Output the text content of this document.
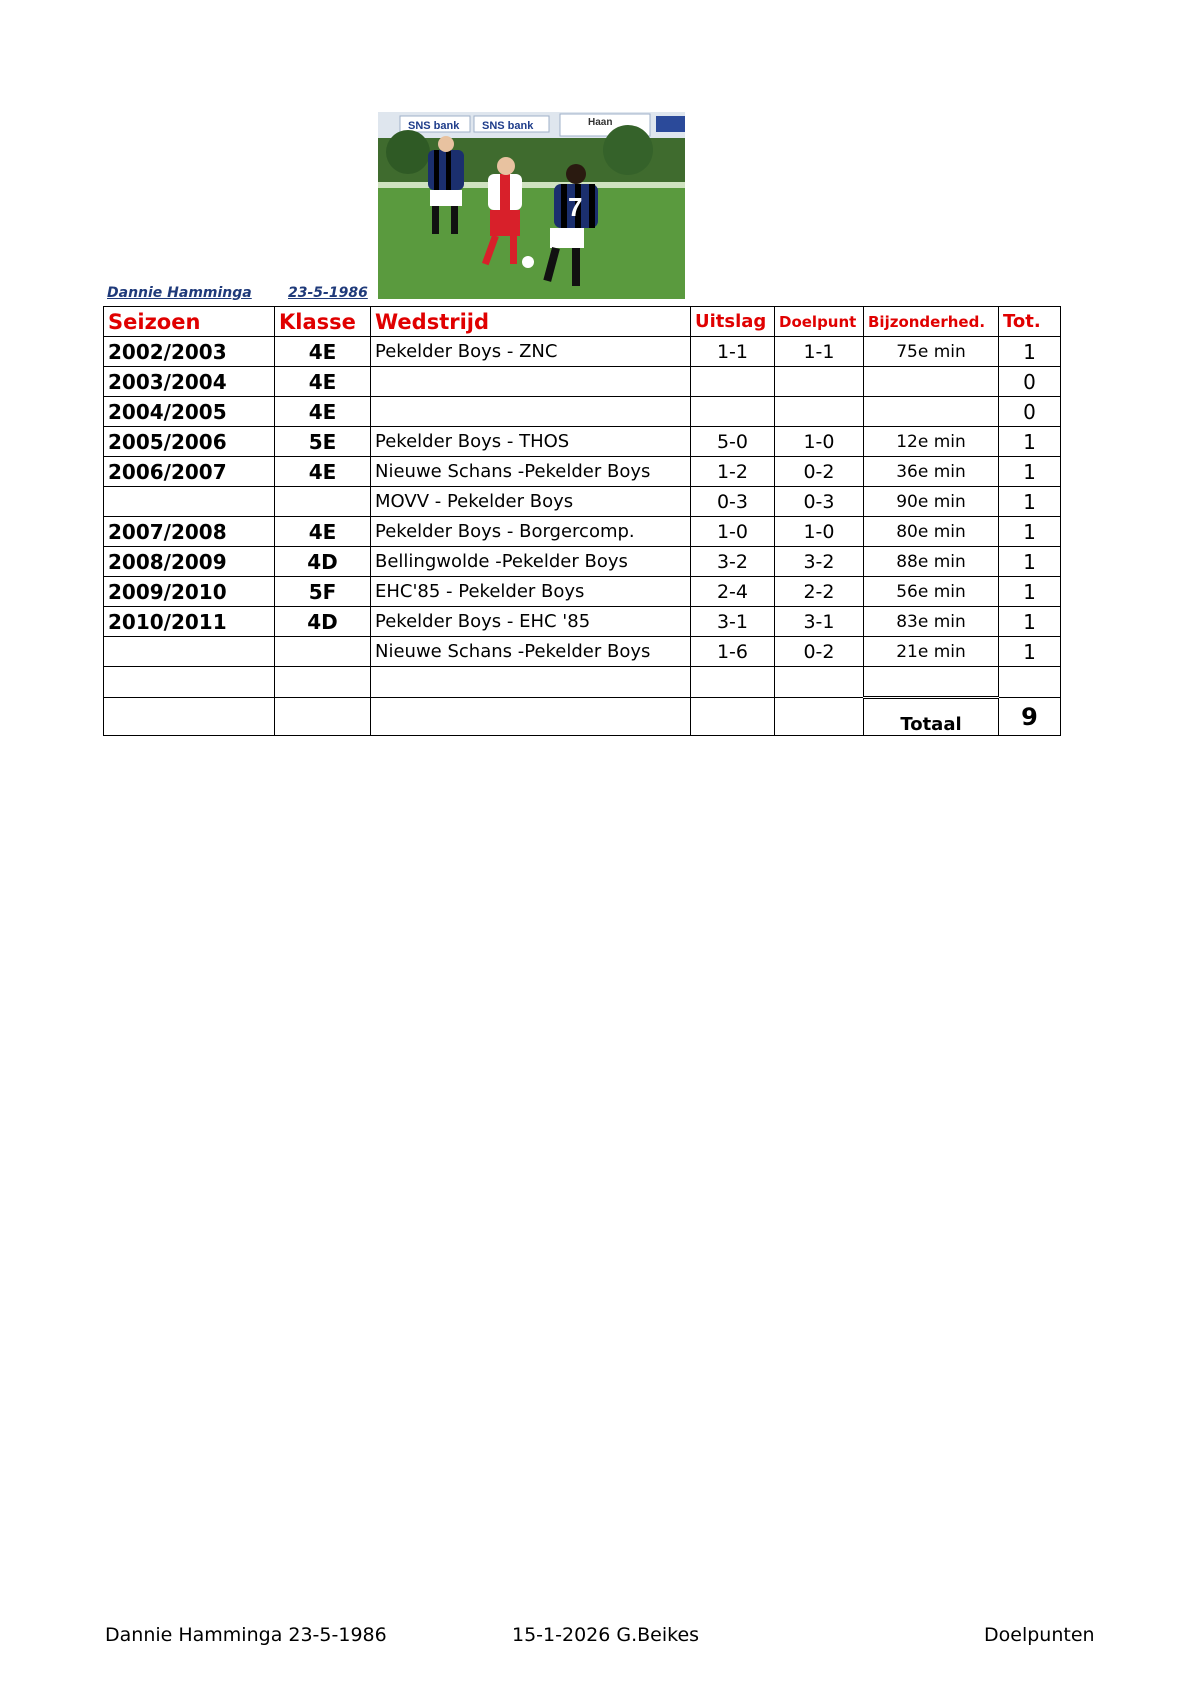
SNS bank SNS bank	Haan
7
Dannie Hamminga	23-5-1986
Seizoen	Klasse	Wedstrijd	Uitslag	Doelpunt	Bijzonderhed.	Tot.
2002/2003	4E	Pekelder Boys - ZNC	1-1	1-1	75e min	1
2003/2004	4E					0
2004/2005	4E					0
2005/2006	5E	Pekelder Boys - THOS	5-0	1-0	12e min	1
2006/2007	4E	Nieuwe Schans -Pekelder Boys	1-2	0-2	36e min	1
		MOVV - Pekelder Boys	0-3	0-3	90e min	1
2007/2008	4E	Pekelder Boys - Borgercomp.	1-0	1-0	80e min	1
2008/2009	4D	Bellingwolde -Pekelder Boys	3-2	3-2	88e min	1
2009/2010	5F	EHC'85 - Pekelder Boys	2-4	2-2	56e min	1
2010/2011	4D	Pekelder Boys - EHC '85	3-1	3-1	83e min	1
		Nieuwe Schans -Pekelder Boys	1-6	0-2	21e min	1

					Totaal	9
Dannie Hamminga 23-5-1986	15-1-2026 G.Beikes	Doelpunten
